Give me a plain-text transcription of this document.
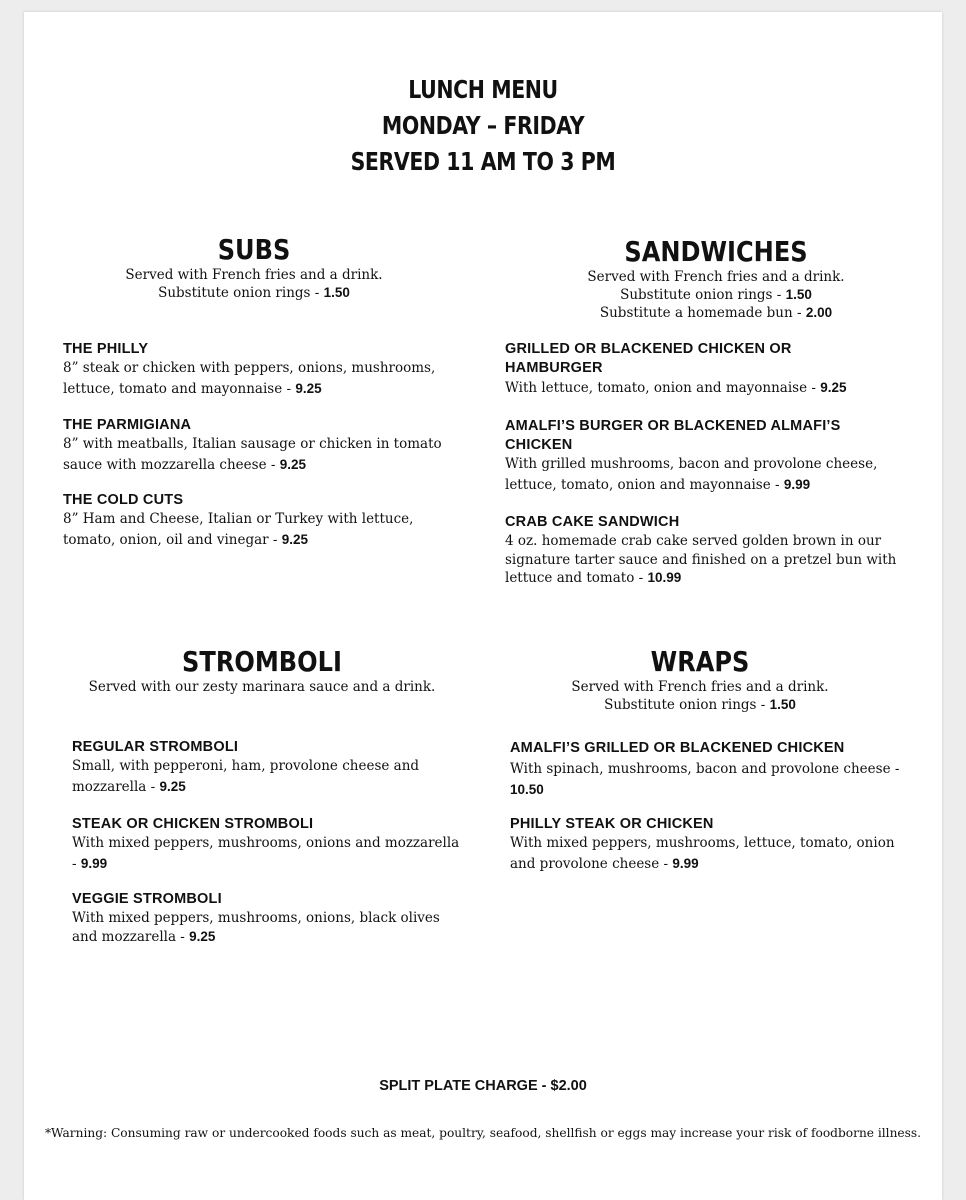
LUNCH MENU
MONDAY – FRIDAY
SERVED 11 AM TO 3 PM
SUBS
Served with French fries and a drink.
Substitute onion rings - 1.50
THE PHILLY
8” steak or chicken with peppers, onions, mushrooms, lettuce, tomato and mayonnaise - 9.25
THE PARMIGIANA
8” with meatballs, Italian sausage or chicken in tomato sauce with mozzarella cheese - 9.25
THE COLD CUTS
8” Ham and Cheese, Italian or Turkey with lettuce, tomato, onion, oil and vinegar - 9.25
SANDWICHES
Served with French fries and a drink.
Substitute onion rings - 1.50
Substitute a homemade bun - 2.00
GRILLED OR BLACKENED CHICKEN OR HAMBURGER
With lettuce, tomato, onion and mayonnaise - 9.25
AMALFI’S BURGER OR BLACKENED ALMAFI’S CHICKEN
With grilled mushrooms, bacon and provolone cheese, lettuce, tomato, onion and mayonnaise - 9.99
CRAB CAKE SANDWICH
4 oz. homemade crab cake served golden brown in our signature tarter sauce and finished on a pretzel bun with lettuce and tomato - 10.99
STROMBOLI
Served with our zesty marinara sauce and a drink.
REGULAR STROMBOLI
Small, with pepperoni, ham, provolone cheese and mozzarella - 9.25
STEAK OR CHICKEN STROMBOLI
With mixed peppers, mushrooms, onions and mozzarella - 9.99
VEGGIE STROMBOLI
With mixed peppers, mushrooms, onions, black olives and mozzarella - 9.25
WRAPS
Served with French fries and a drink.
Substitute onion rings - 1.50
AMALFI’S GRILLED OR BLACKENED CHICKEN
With spinach, mushrooms, bacon and provolone cheese - 10.50
PHILLY STEAK OR CHICKEN
With mixed peppers, mushrooms, lettuce, tomato, onion and provolone cheese - 9.99
SPLIT PLATE CHARGE - $2.00
*Warning: Consuming raw or undercooked foods such as meat, poultry, seafood, shellfish or eggs may increase your risk of foodborne illness.
